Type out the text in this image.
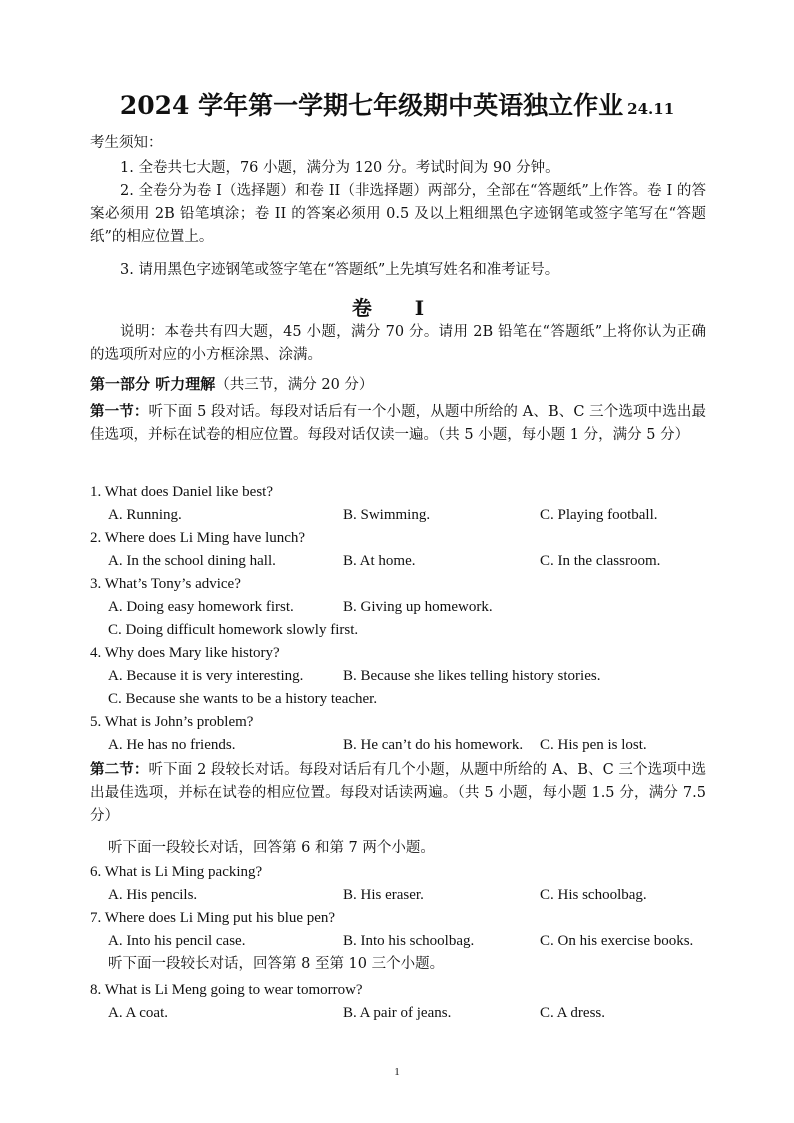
2024 学年第一学期七年级期中英语独立作业 24.11
考生须知：
1. 全卷共七大题，76 小题，满分为 120 分。考试时间为 90 分钟。
2. 全卷分为卷 I（选择题）和卷 II（非选择题）两部分，全部在“答题纸”上作答。卷 I 的答案必须用 2B 铅笔填涂；卷 II 的答案必须用 0.5 及以上粗细黑色字迹钢笔或签字笔写在“答题纸”的相应位置上。
3. 请用黑色字迹钢笔或签字笔在“答题纸”上先填写姓名和准考证号。
卷 I
说明：本卷共有四大题，45 小题，满分 70 分。请用 2B 铅笔在“答题纸”上将你认为正确的选项所对应的小方框涂黑、涂满。
第一部分 听力理解（共三节，满分 20 分）
第一节：听下面 5 段对话。每段对话后有一个小题，从题中所给的 A、B、C 三个选项中选出最佳选项，并标在试卷的相应位置。每段对话仅读一遍。（共 5 小题，每小题 1 分，满分 5 分）
1. What does Daniel like best?
A. Running.	B. Swimming.	C. Playing football.
2. Where does Li Ming have lunch?
A. In the school dining hall.	B. At home.	C. In the classroom.
3. What’s Tony’s advice?
A. Doing easy homework first.	B. Giving up homework.
C. Doing difficult homework slowly first.
4. Why does Mary like history?
A. Because it is very interesting.	B. Because she likes telling history stories.
C. Because she wants to be a history teacher.
5. What is John’s problem?
A. He has no friends.	B. He can’t do his homework. C. His pen is lost.
第二节：听下面 2 段较长对话。每段对话后有几个小题，从题中所给的 A、B、C 三个选项中选出最佳选项，并标在试卷的相应位置。每段对话读两遍。（共 5 小题，每小题 1.5 分，满分 7.5 分）
听下面一段较长对话，回答第 6 和第 7 两个小题。
6. What is Li Ming packing?
A. His pencils.	B. His eraser.	C. His schoolbag.
7. Where does Li Ming put his blue pen?
A. Into his pencil case.	B. Into his schoolbag.	C. On his exercise books.
听下面一段较长对话，回答第 8 至第 10 三个小题。
8. What is Li Meng going to wear tomorrow?
A. A coat.	B. A pair of jeans.	C. A dress.
1
